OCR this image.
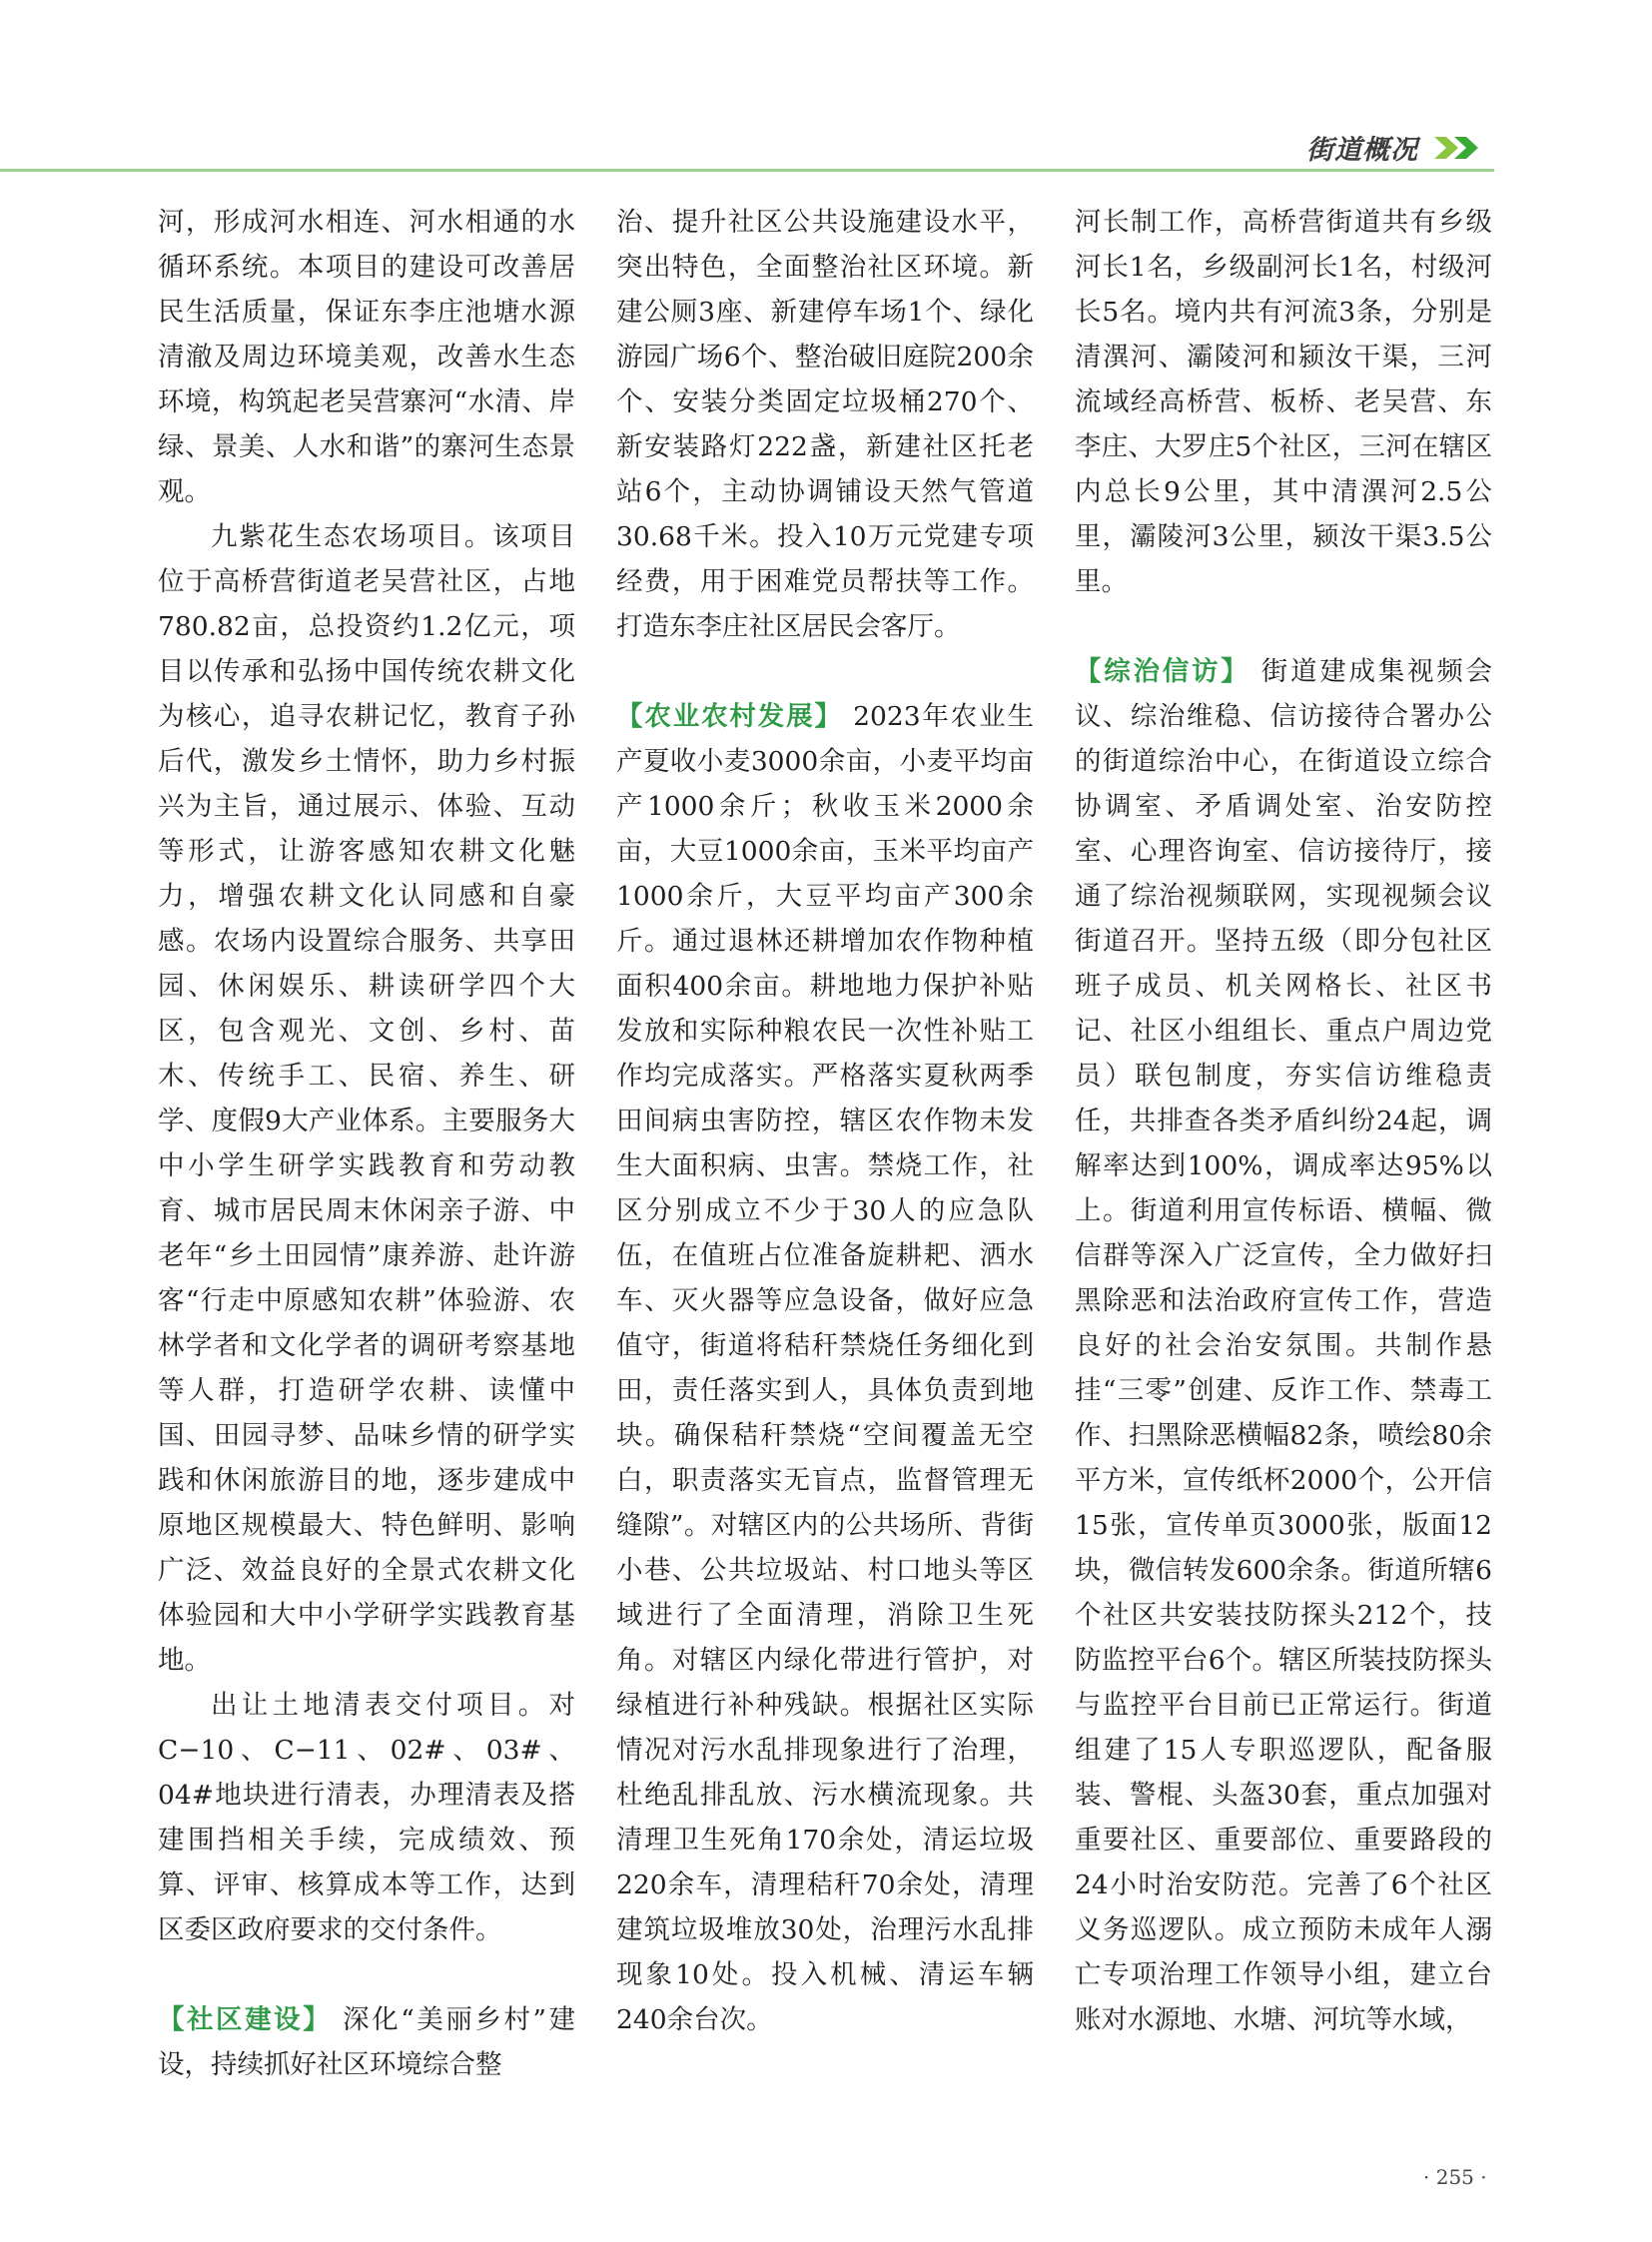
街道概况

河，形成河水相连、河水相通的水循环系统。本项目的建设可改善居民生活质量，保证东李庄池塘水源清澈及周边环境美观，改善水生态环境，构筑起老吴营寨河“水清、岸绿、景美、人水和谐”的寨河生态景观。

九紫花生态农场项目。该项目位于高桥营街道老吴营社区，占地780.82亩，总投资约1.2亿元，项目以传承和弘扬中国传统农耕文化为核心，追寻农耕记忆，教育子孙后代，激发乡土情怀，助力乡村振兴为主旨，通过展示、体验、互动等形式，让游客感知农耕文化魅力，增强农耕文化认同感和自豪感。农场内设置综合服务、共享田园、休闲娱乐、耕读研学四个大区，包含观光、文创、乡村、苗木、传统手工、民宿、养生、研学、度假9大产业体系。主要服务大中小学生研学实践教育和劳动教育、城市居民周末休闲亲子游、中老年“乡土田园情”康养游、赴许游客“行走中原感知农耕”体验游、农林学者和文化学者的调研考察基地等人群，打造研学农耕、读懂中国、田园寻梦、品味乡情的研学实践和休闲旅游目的地，逐步建成中原地区规模最大、特色鲜明、影响广泛、效益良好的全景式农耕文化体验园和大中小学研学实践教育基地。

出让土地清表交付项目。对C−10、C−11、02#、03#、04#地块进行清表，办理清表及搭建围挡相关手续，完成绩效、预算、评审、核算成本等工作，达到区委区政府要求的交付条件。

【社区建设】 深化“美丽乡村”建设，持续抓好社区环境综合整

治、提升社区公共设施建设水平，突出特色，全面整治社区环境。新建公厕3座、新建停车场1个、绿化游园广场6个、整治破旧庭院200余个、安装分类固定垃圾桶270个、新安装路灯222盏，新建社区托老站6个，主动协调铺设天然气管道30.68千米。投入10万元党建专项经费，用于困难党员帮扶等工作。打造东李庄社区居民会客厅。

【农业农村发展】 2023年农业生产夏收小麦3000余亩，小麦平均亩产1000余斤；秋收玉米2000余亩，大豆1000余亩，玉米平均亩产1000余斤，大豆平均亩产300余斤。通过退林还耕增加农作物种植面积400余亩。耕地地力保护补贴发放和实际种粮农民一次性补贴工作均完成落实。严格落实夏秋两季田间病虫害防控，辖区农作物未发生大面积病、虫害。禁烧工作，社区分别成立不少于30人的应急队伍，在值班占位准备旋耕耙、洒水车、灭火器等应急设备，做好应急值守，街道将秸秆禁烧任务细化到田，责任落实到人，具体负责到地块。确保秸秆禁烧“空间覆盖无空白，职责落实无盲点，监督管理无缝隙”。对辖区内的公共场所、背街小巷、公共垃圾站、村口地头等区域进行了全面清理，消除卫生死角。对辖区内绿化带进行管护，对绿植进行补种残缺。根据社区实际情况对污水乱排现象进行了治理，杜绝乱排乱放、污水横流现象。共清理卫生死角170余处，清运垃圾220余车，清理秸秆70余处，清理建筑垃圾堆放30处，治理污水乱排现象10处。投入机械、清运车辆240余台次。

河长制工作，高桥营街道共有乡级河长1名，乡级副河长1名，村级河长5名。境内共有河流3条，分别是清潩河、灞陵河和颍汝干渠，三河流域经高桥营、板桥、老吴营、东李庄、大罗庄5个社区，三河在辖区内总长9公里，其中清潩河2.5公里，灞陵河3公里，颍汝干渠3.5公里。

【综治信访】 街道建成集视频会议、综治维稳、信访接待合署办公的街道综治中心，在街道设立综合协调室、矛盾调处室、治安防控室、心理咨询室、信访接待厅，接通了综治视频联网，实现视频会议街道召开。坚持五级（即分包社区班子成员、机关网格长、社区书记、社区小组组长、重点户周边党员）联包制度，夯实信访维稳责任，共排查各类矛盾纠纷24起，调解率达到100%，调成率达95%以上。街道利用宣传标语、横幅、微信群等深入广泛宣传，全力做好扫黑除恶和法治政府宣传工作，营造良好的社会治安氛围。共制作悬挂“三零”创建、反诈工作、禁毒工作、扫黑除恶横幅82条，喷绘80余平方米，宣传纸杯2000个，公开信15张，宣传单页3000张，版面12块，微信转发600余条。街道所辖6个社区共安装技防探头212个，技防监控平台6个。辖区所装技防探头与监控平台目前已正常运行。街道组建了15人专职巡逻队，配备服装、警棍、头盔30套，重点加强对重要社区、重要部位、重要路段的24小时治安防范。完善了6个社区义务巡逻队。成立预防未成年人溺亡专项治理工作领导小组，建立台账对水源地、水塘、河坑等水域，

· 255 ·
